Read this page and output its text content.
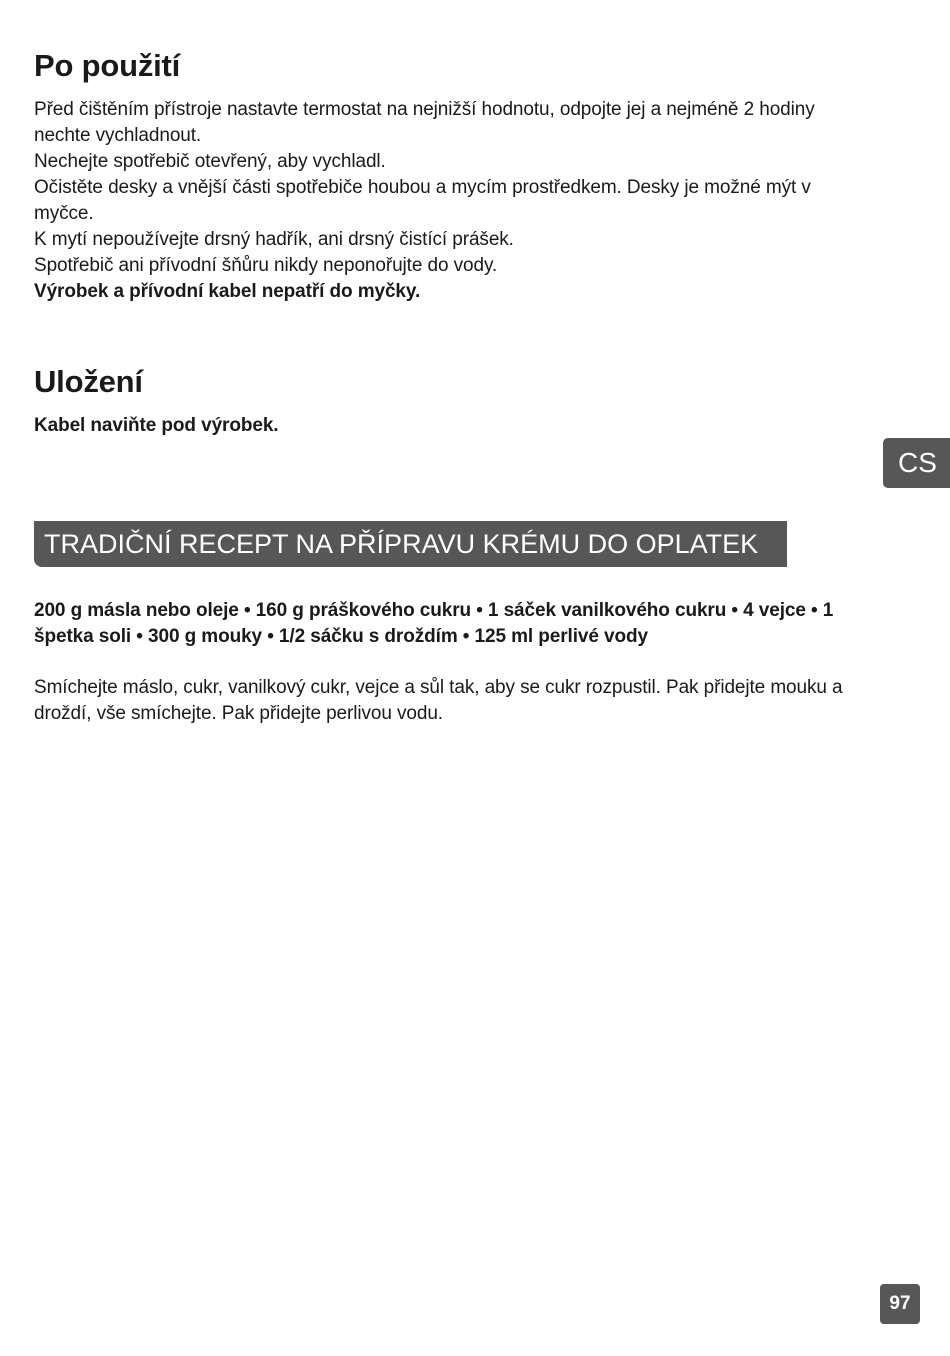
Po použití

Před čištěním přístroje nastavte termostat na nejnižší hodnotu, odpojte jej a nejméně 2 hodiny nechte vychladnout.

Nechejte spotřebič otevřený, aby vychladl.

Očistěte desky a vnější části spotřebiče houbou a mycím prostředkem. Desky je možné mýt v myčce.

K mytí nepoužívejte drsný hadřík, ani drsný čistící prášek.

Spotřebič ani přívodní šňůru nikdy neponořujte do vody.

Výrobek a přívodní kabel nepatří do myčky.

Uložení
Kabel naviňte pod výrobek.
TRADIČNÍ RECEPT NA PŘÍPRAVU KRÉMU DO OPLATEK
200 g másla nebo oleje • 160 g práškového cukru • 1 sáček vanilkového cukru • 4 vejce • 1 špetka soli • 300 g mouky • 1/2 sáčku s droždím • 125 ml perlivé vody
Smíchejte máslo, cukr, vanilkový cukr, vejce a sůl tak, aby se cukr rozpustil. Pak přidejte mouku a droždí, vše smíchejte. Pak přidejte perlivou vodu.
CS
97
